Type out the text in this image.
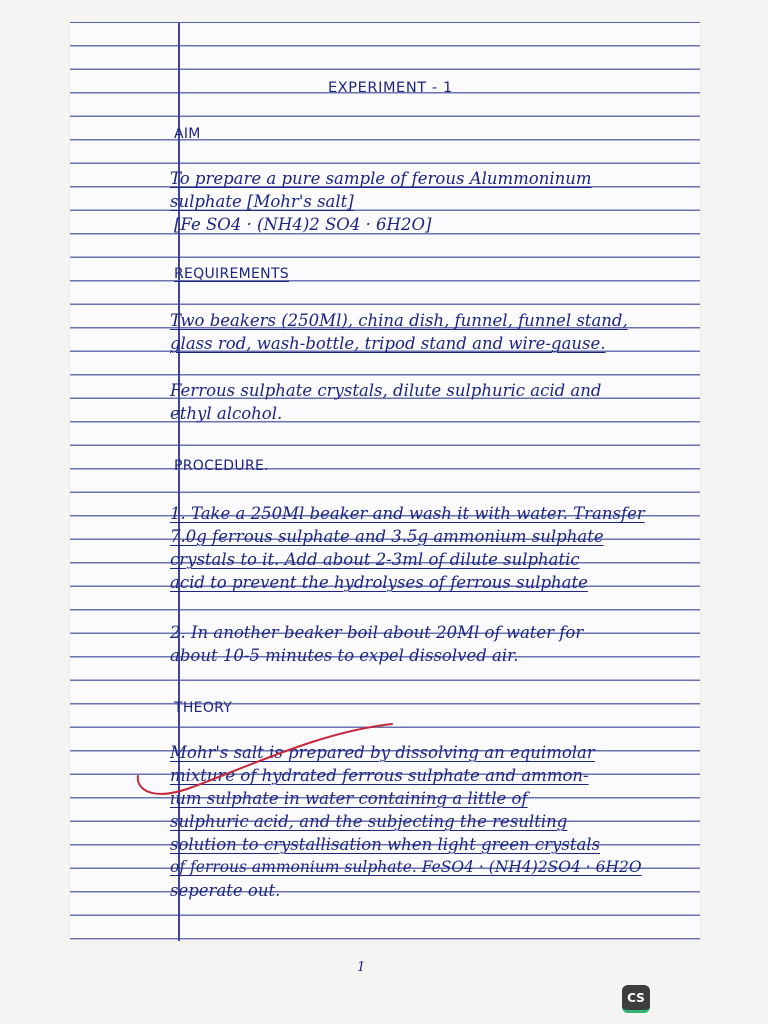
EXPERIMENT - 1
AIM
To prepare a pure sample of ferous Alummoninum
sulphate [Mohr's salt]
[Fe SO4 · (NH4)2 SO4 · 6H2O]
REQUIREMENTS
Two beakers (250Ml), china dish, funnel, funnel stand,
glass rod, wash-bottle, tripod stand and wire-gause.
Ferrous sulphate crystals, dilute sulphuric acid and
ethyl alcohol.
PROCEDURE.
1. Take a 250Ml beaker and wash it with water. Transfer
7.0g ferrous sulphate and 3.5g ammonium sulphate
crystals to it. Add about 2-3ml of dilute sulphatic
acid to prevent the hydrolyses of ferrous sulphate
2. In another beaker boil about 20Ml of water for
about 10-5 minutes to expel dissolved air.
THEORY
Mohr's salt is prepared by dissolving an equimolar
mixture of hydrated ferrous sulphate and ammon-
ium sulphate in water containing a little of
sulphuric acid, and the subjecting the resulting
solution to crystallisation when light green crystals
of ferrous ammonium sulphate. FeSO4 · (NH4)2SO4 · 6H2O
seperate out.
1
CS
